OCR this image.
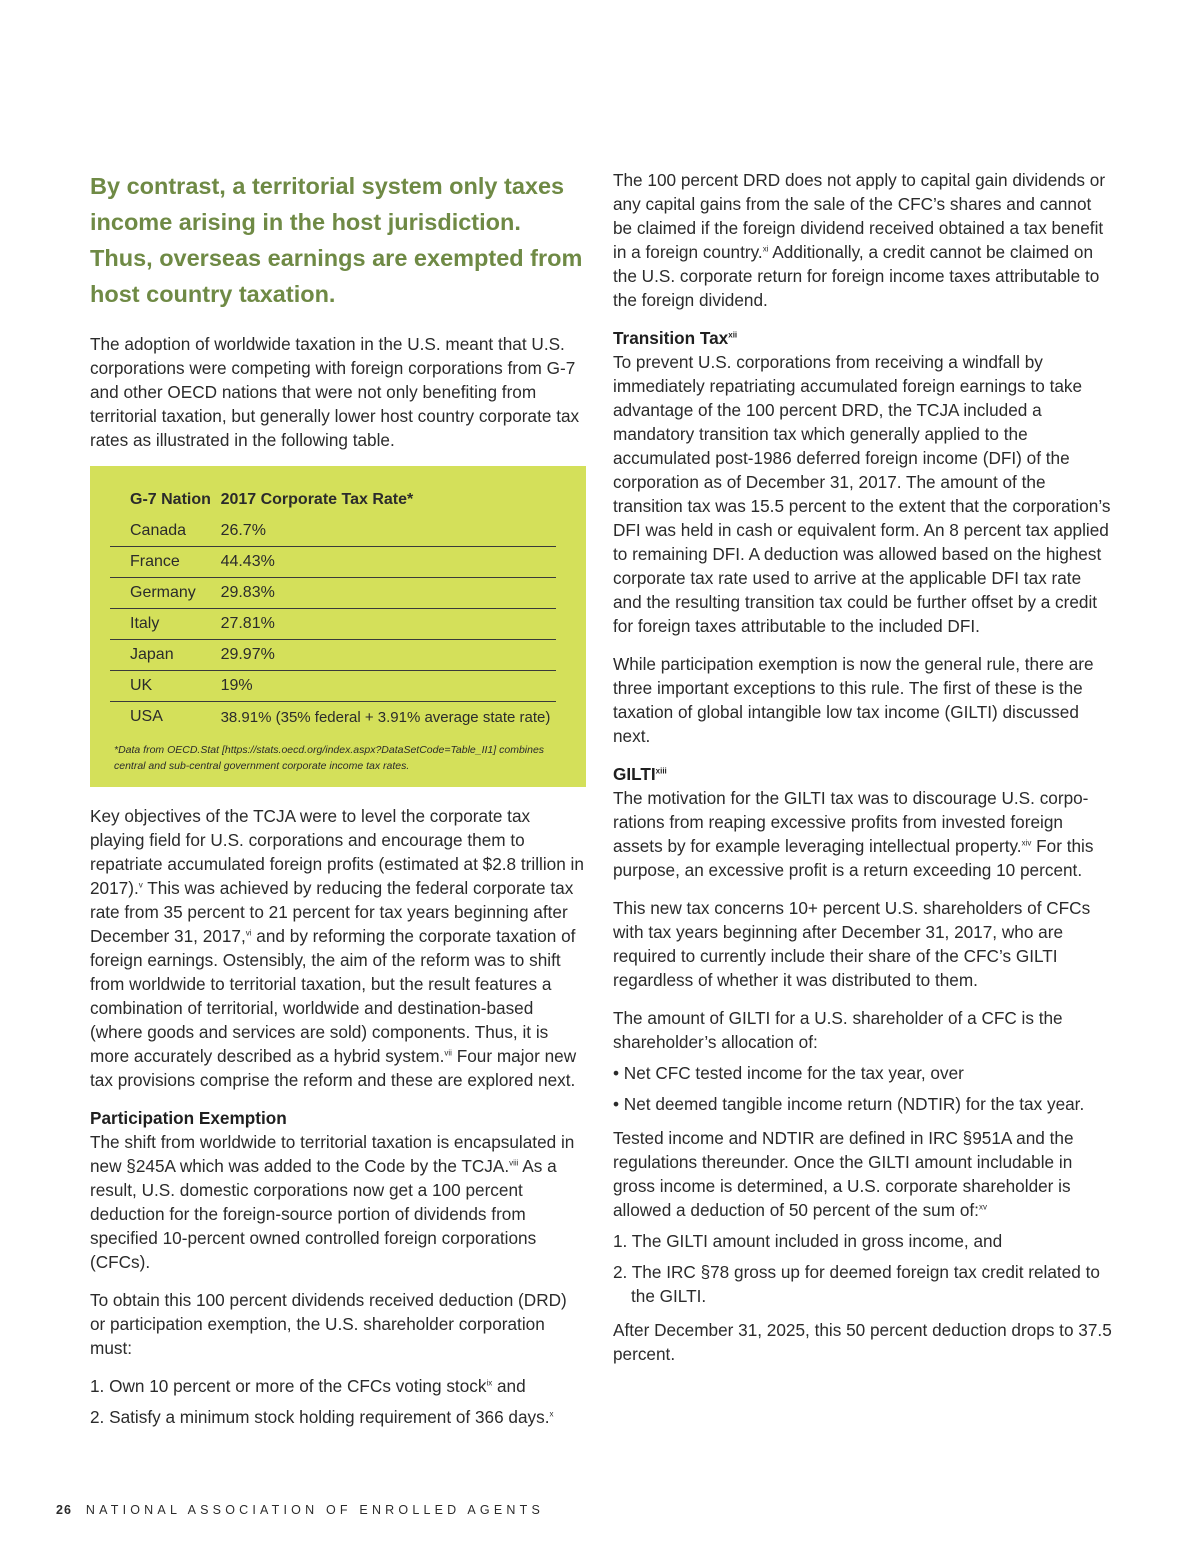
By contrast, a territorial system only taxes income arising in the host jurisdiction. Thus, overseas earnings are exempted from host country taxation.

The adoption of worldwide taxation in the U.S. meant that U.S. corporations were competing with foreign corporations from G-7 and other OECD nations that were not only benefiting from territorial taxation, but generally lower host country corporate tax rates as illustrated in the following table.

G-7 Nation	2017 Corporate Tax Rate*
Canada	26.7%
France	44.43%
Germany	29.83%
Italy	27.81%
Japan	29.97%
UK	19%
USA	38.91% (35% federal + 3.91% average state rate)
*Data from OECD.Stat [https://stats.oecd.org/index.aspx?DataSetCode=Table_II1] combines central and sub-central government corporate income tax rates.

Key objectives of the TCJA were to level the corporate tax playing field for U.S. corporations and encourage them to repatriate accumulated foreign profits (estimated at $2.8 trillion in 2017).$^v$ This was achieved by reducing the federal corporate tax rate from 35 percent to 21 percent for tax years beginning after December 31, 2017,$^{vi}$ and by reforming the corporate taxation of foreign earnings. Ostensibly, the aim of the reform was to shift from worldwide to territorial taxation, but the result features a combination of territorial, worldwide and destination-based (where goods and services are sold) components. Thus, it is more accurately described as a hybrid system.$^{vii}$ Four major new tax provisions comprise the reform and these are explored next.

Participation Exemption

The shift from worldwide to territorial taxation is encapsulated in new §245A which was added to the Code by the TCJA.$^{viii}$ As a result, U.S. domestic corporations now get a 100 percent deduction for the foreign-source portion of dividends from specified 10-percent owned controlled foreign corporations (CFCs).

To obtain this 100 percent dividends received deduction (DRD) or participation exemption, the U.S. shareholder corporation must:

1. Own 10 percent or more of the CFCs voting stock$^{ix}$ and
2. Satisfy a minimum stock holding requirement of 366 days.$^x$

The 100 percent DRD does not apply to capital gain dividends or any capital gains from the sale of the CFC’s shares and cannot be claimed if the foreign dividend received obtained a tax benefit in a foreign country.$^{xi}$ Additionally, a credit cannot be claimed on the U.S. corporate return for foreign income taxes attributable to the foreign dividend.

Transition Tax$^{xii}$

To prevent U.S. corporations from receiving a windfall by immediately repatriating accumulated foreign earnings to take advantage of the 100 percent DRD, the TCJA included a mandatory transition tax which generally applied to the accumulated post-1986 deferred foreign income (DFI) of the corporation as of December 31, 2017. The amount of the transition tax was 15.5 percent to the extent that the corporation’s DFI was held in cash or equivalent form. An 8 percent tax applied to remaining DFI. A deduction was allowed based on the highest corporate tax rate used to arrive at the applicable DFI tax rate and the resulting transition tax could be further offset by a credit for foreign taxes attributable to the included DFI.

While participation exemption is now the general rule, there are three important exceptions to this rule. The first of these is the taxation of global intangible low tax income (GILTI) discussed next.

GILTI$^{xiii}$

The motivation for the GILTI tax was to discourage U.S. corpo-rations from reaping excessive profits from invested foreign assets by for example leveraging intellectual property.$^{xiv}$ For this purpose, an excessive profit is a return exceeding 10 percent.

This new tax concerns 10+ percent U.S. shareholders of CFCs with tax years beginning after December 31, 2017, who are required to currently include their share of the CFC’s GILTI regardless of whether it was distributed to them.

The amount of GILTI for a U.S. shareholder of a CFC is the shareholder’s allocation of:

• Net CFC tested income for the tax year, over
• Net deemed tangible income return (NDTIR) for the tax year.

Tested income and NDTIR are defined in IRC §951A and the regulations thereunder. Once the GILTI amount includable in gross income is determined, a U.S. corporate shareholder is allowed a deduction of 50 percent of the sum of:$^{xv}$

1. The GILTI amount included in gross income, and
2. The IRC §78 gross up for deemed foreign tax credit related to the GILTI.

After December 31, 2025, this 50 percent deduction drops to 37.5 percent.

26 NATIONAL ASSOCIATION OF ENROLLED AGENTS
